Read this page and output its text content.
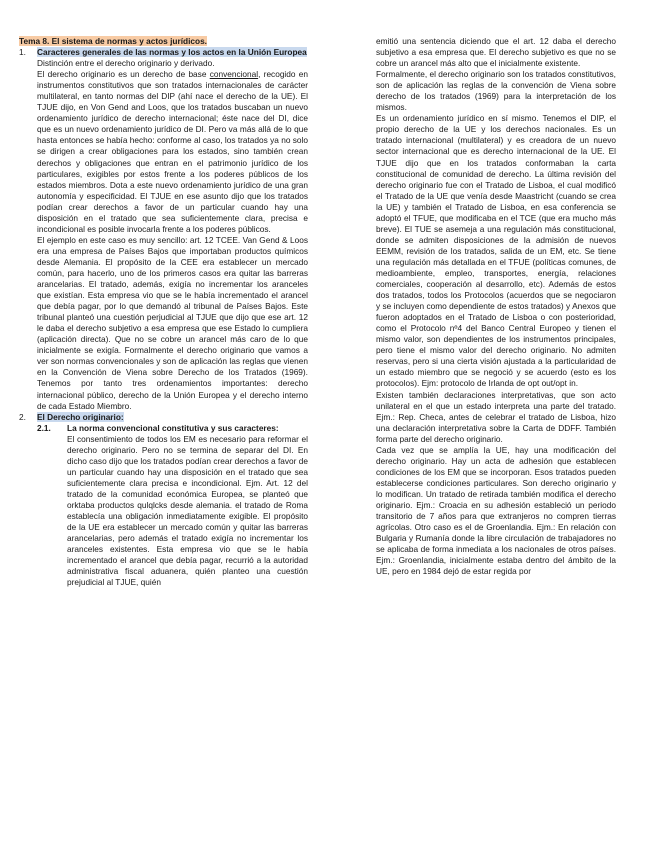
Tema 8. El sistema de normas y actos jurídicos.

1.	Caracteres generales de las normas y los actos en la Unión Europea

Distinción entre el derecho originario y derivado.

El derecho originario es un derecho de base convencional, recogido en instrumentos constitutivos que son tratados internacionales de carácter multilateral, en tanto normas del DIP (ahí nace el derecho de la UE). El TJUE dijo, en Von Gend and Loos, que los tratados buscaban un nuevo ordenamiento jurídico de derecho internacional; éste nace del DI, dice que es un nuevo ordenamiento jurídico de DI. Pero va más allá de lo que hasta entonces se había hecho: conforme al caso, los tratados ya no solo se dirigen a crear obligaciones para los estados, sino también crean derechos y obligaciones que entran en el patrimonio jurídico de los particulares, exigibles por estos frente a los poderes públicos de los estados miembros. Dota a este nuevo ordenamiento jurídico de una gran autonomía y especificidad. El TJUE en ese asunto dijo que los tratados podían crear derechos a favor de un particular cuando hay una disposición en el tratado que sea suficientemente clara, precisa e incondicional es posible invocarla frente a los poderes públicos.

El ejemplo en este caso es muy sencillo: art. 12 TCEE. Van Gend & Loos era una empresa de Países Bajos que importaban productos químicos desde Alemania. El propósito de la CEE era establecer un mercado común, para hacerlo, uno de los primeros casos era quitar las barreras arancelarias. El tratado, además, exigía no incrementar los aranceles que existían. Esta empresa vio que se le había incrementado el arancel que debía pagar, por lo que demandó al tribunal de Países Bajos. Este tribunal planteó una cuestión perjudicial al TJUE que dijo que ese art. 12 le daba el derecho subjetivo a esa empresa que ese Estado lo cumpliera (aplicación directa). Que no se cobre un arancel más caro de lo que inicialmente se exigía. Formalmente el derecho originario que vamos a ver son normas convencionales y son de aplicación las reglas que vienen en la Convención de Viena sobre Derecho de los Tratados (1969). Tenemos por tanto tres ordenamientos importantes: derecho internacional público, derecho de la Unión Europea y el derecho interno de cada Estado Miembro.

2.	El Derecho originario:
2.1.	La norma convencional constitutiva y sus caracteres:

El consentimiento de todos los EM es necesario para reformar el derecho originario. Pero no se termina de separar del DI. En dicho caso dijo que los tratados podían crear derechos a favor de un particular cuando hay una disposición en el tratado que sea suficientemente clara precisa e incondicional. Ejm. Art. 12 del tratado de la comunidad económica Europea, se planteó que orktaba productos qulqlcks desde alemania. el tratado de Roma establecía una obligación inmediatamente exigible. El propósito de la UE era establecer un mercado común y quitar las barreras arancelarias, pero además el tratado exigía no incrementar los aranceles existentes. Esta empresa vio que se le había incrementado el arancel que debía pagar, recurrió a la autoridad administrativa fiscal aduanera, quién planteo una cuestión prejudicial al TJUE, quién

emitió una sentencia diciendo que el art. 12 daba el derecho subjetivo a esa empresa que. El derecho subjetivo es que no se cobre un arancel más alto que el inicialmente existente.

Formalmente, el derecho originario son los tratados constitutivos, son de aplicación las reglas de la convención de Viena sobre derecho de los tratados (1969) para la interpretación de los mismos.

Es un ordenamiento jurídico en sí mismo. Tenemos el DIP, el propio derecho de la UE y los derechos nacionales. Es un tratado internacional (multilateral) y es creadora de un nuevo sector internacional que es derecho internacional de la UE. El TJUE dijo que en los tratados conformaban la carta constitucional de comunidad de derecho. La última revisión del derecho originario fue con el Tratado de Lisboa, el cual modificó el Tratado de la UE que venía desde Maastricht (cuando se crea la UE) y también el Tratado de Lisboa, en esa conferencia se adoptó el TFUE, que modificaba en el TCE (que era mucho más breve). El TUE se asemeja a una regulación más constitucional, donde se admiten disposiciones de la admisión de nuevos EEMM, revisión de los tratados, salida de un EM, etc. Se tiene una regulación más detallada en el TFUE (políticas comunes, de medioambiente, empleo, transportes, energía, relaciones comerciales, cooperación al desarrollo, etc). Además de estos dos tratados, todos los Protocolos (acuerdos que se negociaron y se incluyen como dependiente de estos tratados) y Anexos que fueron adoptados en el Tratado de Lisboa o con posterioridad, como el Protocolo nº4 del Banco Central Europeo y tienen el mismo valor, son dependientes de los instrumentos principales, pero tiene el mismo valor del derecho originario. No admiten reservas, pero si una cierta visión ajustada a la particularidad de un estado miembro que se negoció y se acuerdo (esto es los protocolos). Ejm: protocolo de Irlanda de opt out/opt in.

Existen también declaraciones interpretativas, que son acto unilateral en el que un estado interpreta una parte del tratado. Ejm.: Rep. Checa, antes de celebrar el tratado de Lisboa, hizo una declaración interpretativa sobre la Carta de DDFF. También forma parte del derecho originario.

Cada vez que se amplía la UE, hay una modificación del derecho originario. Hay un acta de adhesión que establecen condiciones de los EM que se incorporan. Esos tratados pueden establecerse condiciones particulares. Son derecho originario y lo modifican. Un tratado de retirada también modifica el derecho originario. Ejm.: Croacia en su adhesión estableció un periodo transitorio de 7 años para que extranjeros no compren tierras agrícolas. Otro caso es el de Groenlandia. Ejm.: En relación con Bulgaria y Rumanía donde la libre circulación de trabajadores no se aplicaba de forma inmediata a los nacionales de otros países. Ejm.: Groenlandia, inicialmente estaba dentro del ámbito de la UE, pero en 1984 dejó de estar regida por
